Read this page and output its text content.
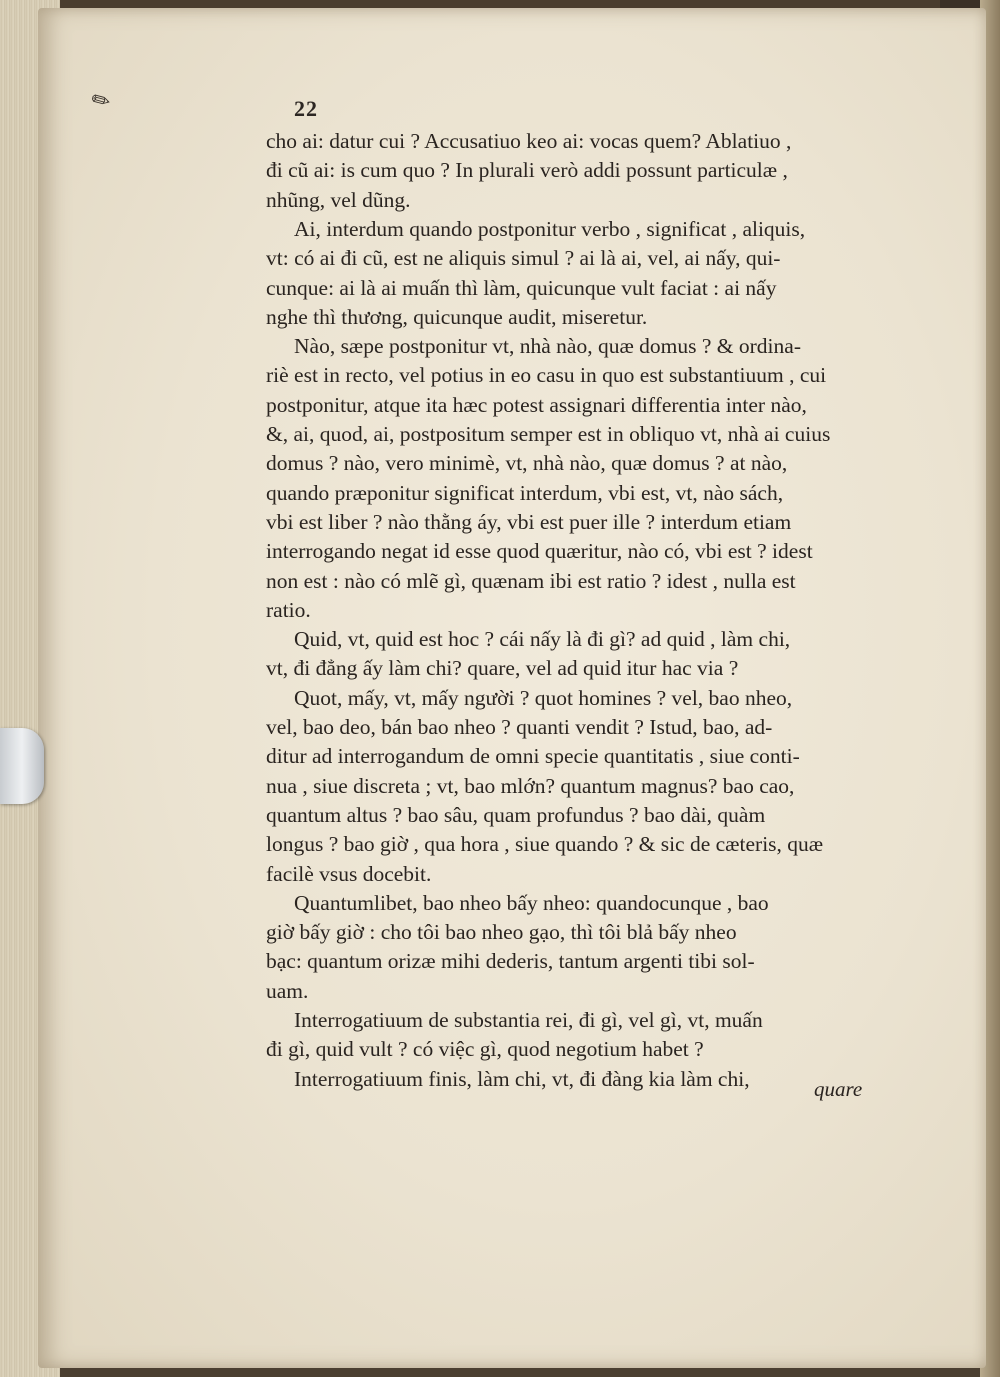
✎	22
cho ai: datur cui ? Accusatiuo keo ai: vocas quem? Ablatiuo ,
đi cũ ai: is cum quo ? In plurali verò addi possunt particulæ ,
nhũng, vel dũng.
Ai, interdum quando postponitur verbo , significat , aliquis,
vt: có ai đi cũ, est ne aliquis simul ? ai là ai, vel, ai nấy, qui-
cunque: ai là ai muấn thì làm, quicunque vult faciat : ai nấy
nghe thì thương, quicunque audit, miseretur.
Nào, sæpe postponitur vt, nhà nào, quæ domus ? & ordina-
riè est in recto, vel potius in eo casu in quo est substantiuum , cui
postponitur, atque ita hæc potest assignari differentia inter nào,
&, ai, quod, ai, postpositum semper est in obliquo vt, nhà ai cuius
domus ? nào, vero minimè, vt, nhà nào, quæ domus ? at nào,
quando præponitur significat interdum, vbi est, vt, nào sách,
vbi est liber ? nào thằng áy, vbi est puer ille ? interdum etiam
interrogando negat id esse quod quæritur, nào có, vbi est ? idest
non est : nào có mlẽ gì, quænam ibi est ratio ? idest , nulla est
ratio.
Quid, vt, quid est hoc ? cái nấy là đi gì? ad quid , làm chi,
vt, đi đẳng ấy làm chi? quare, vel ad quid itur hac via ?
Quot, mấy, vt, mấy người ? quot homines ? vel, bao nheo,
vel, bao deo, bán bao nheo ? quanti vendit ? Istud, bao, ad-
ditur ad interrogandum de omni specie quantitatis , siue conti-
nua , siue discreta ; vt, bao mlớn? quantum magnus? bao cao,
quantum altus ? bao sâu, quam profundus ? bao dài, quàm
longus ? bao giờ , qua hora , siue quando ? & sic de cæteris, quæ
facilè vsus docebit.
Quantumlibet, bao nheo bấy nheo: quandocunque , bao
giờ bấy giờ : cho tôi bao nheo gạo, thì tôi blả bấy nheo
bạc: quantum orizæ mihi dederis, tantum argenti tibi sol-
uam.
Interrogatiuum de substantia rei, đi gì, vel gì, vt, muấn
đi gì, quid vult ? có việc gì, quod negotium habet ?
Interrogatiuum finis, làm chi, vt, đi đàng kia làm chi,	quare
